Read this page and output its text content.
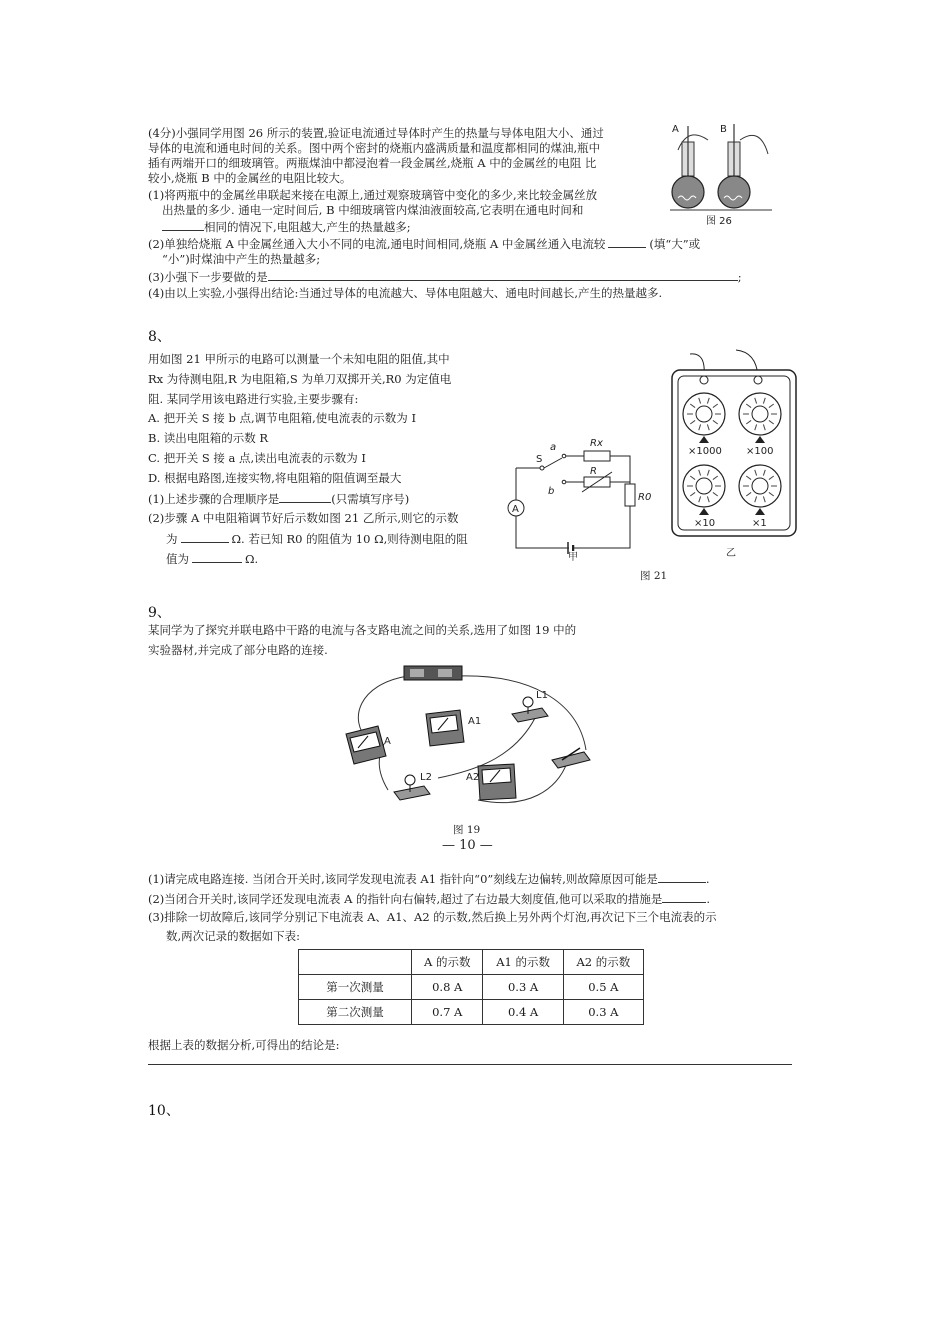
(4分)小强同学用图 26 所示的装置,验证电流通过导体时产生的热量与导体电阻大小、通过
导体的电流和通电时间的关系。图中两个密封的烧瓶内盛满质量和温度都相同的煤油,瓶中
插有两端开口的细玻璃管。两瓶煤油中都浸泡着一段金属丝,烧瓶 A 中的金属丝的电阻 比
较小,烧瓶 B 中的金属丝的电阻比较大。
(1)将两瓶中的金属丝串联起来接在电源上,通过观察玻璃管中变化的多少,来比较金属丝放
出热量的多少. 通电一定时间后, B 中细玻璃管内煤油液面较高,它表明在通电时间和
相同的情况下,电阻越大,产生的热量越多;
(2)单独给烧瓶 A 中金属丝通入大小不同的电流,通电时间相同,烧瓶 A 中金属丝通入电流较	(填“大”或
“小”)时煤油中产生的热量越多;
(3)小强下一步要做的是	;
(4)由以上实验,小强得出结论:当通过导体的电流越大、导体电阻越大、通电时间越长,产生的热量越多.
A	B
图 26
8、
用如图 21 甲所示的电路可以测量一个未知电阻的阻值,其中
Rx 为待测电阻,R 为电阻箱,S 为单刀双掷开关,R0 为定值电
阻. 某同学用该电路进行实验,主要步骤有:
A. 把开关 S 接 b 点,调节电阻箱,使电流表的示数为 I
B. 读出电阻箱的示数 R
C. 把开关 S 接 a 点,读出电流表的示数为 I
D. 根据电路图,连接实物,将电阻箱的阻值调至最大
(1)上述步骤的合理顺序是	(只需填写序号)
(2)步骤 A 中电阻箱调节好后示数如图 21 乙所示,则它的示数
为	Ω. 若已知 R0 的阻值为 10 Ω,则待测电阻的阻
值为	Ω.
S
a
b
Rx
R
R0
A
甲
×1000 ×100
×10	×1
乙
图 21
9、
某同学为了探究并联电路中干路的电流与各支路电流之间的关系,选用了如图 19 中的
实验器材,并完成了部分电路的连接.
A
A1
A2
L1
L2
图 19
— 10 —
(1)请完成电路连接. 当闭合开关时,该同学发现电流表 A1 指针向“0”刻线左边偏转,则故障原因可能是	.
(2)当闭合开关时,该同学还发现电流表 A 的指针向右偏转,超过了右边最大刻度值,他可以采取的措施是	.
(3)排除一切故障后,该同学分别记下电流表 A、A1、A2 的示数,然后换上另外两个灯泡,再次记下三个电流表的示
数,两次记录的数据如下表:
	A 的示数	A1 的示数	A2 的示数
第一次测量	0.8 A	0.3 A	0.5 A
第二次测量	0.7 A	0.4 A	0.3 A
根据上表的数据分析,可得出的结论是:
10、
